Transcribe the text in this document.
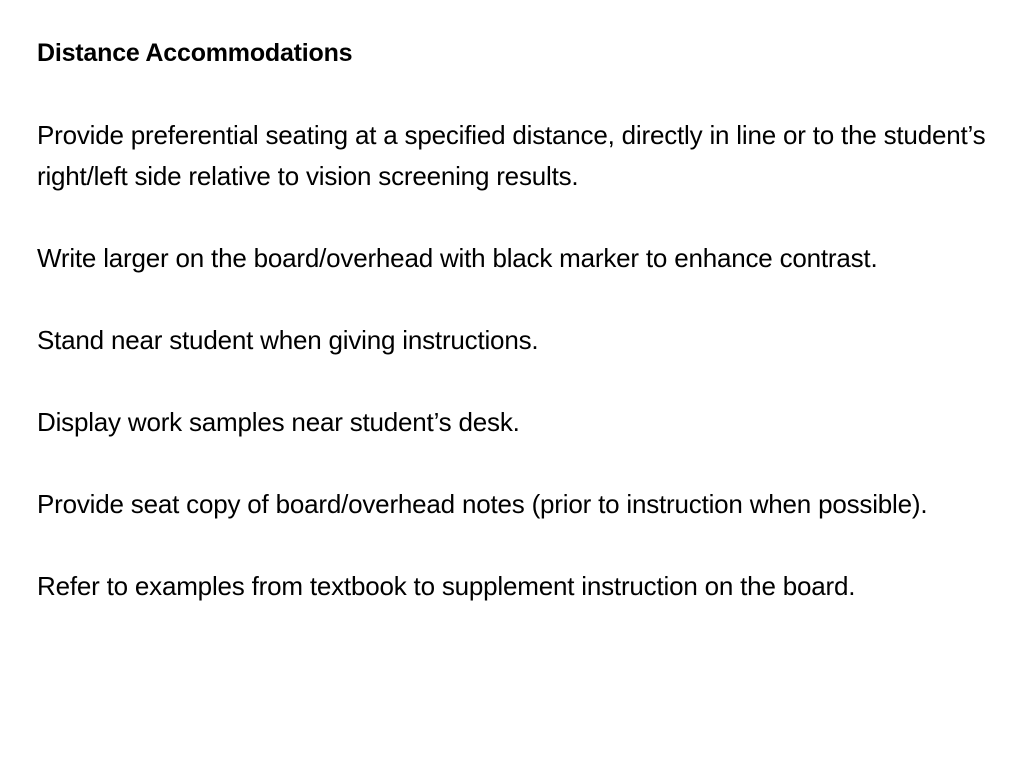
Distance Accommodations

Provide preferential seating at a specified distance, directly in line or to the student’s right/left side relative to vision screening results.

Write larger on the board/overhead with black marker to enhance contrast.

Stand near student when giving instructions.

Display work samples near student’s desk.

Provide seat copy of board/overhead notes (prior to instruction when possible).

Refer to examples from textbook to supplement instruction on the board.
